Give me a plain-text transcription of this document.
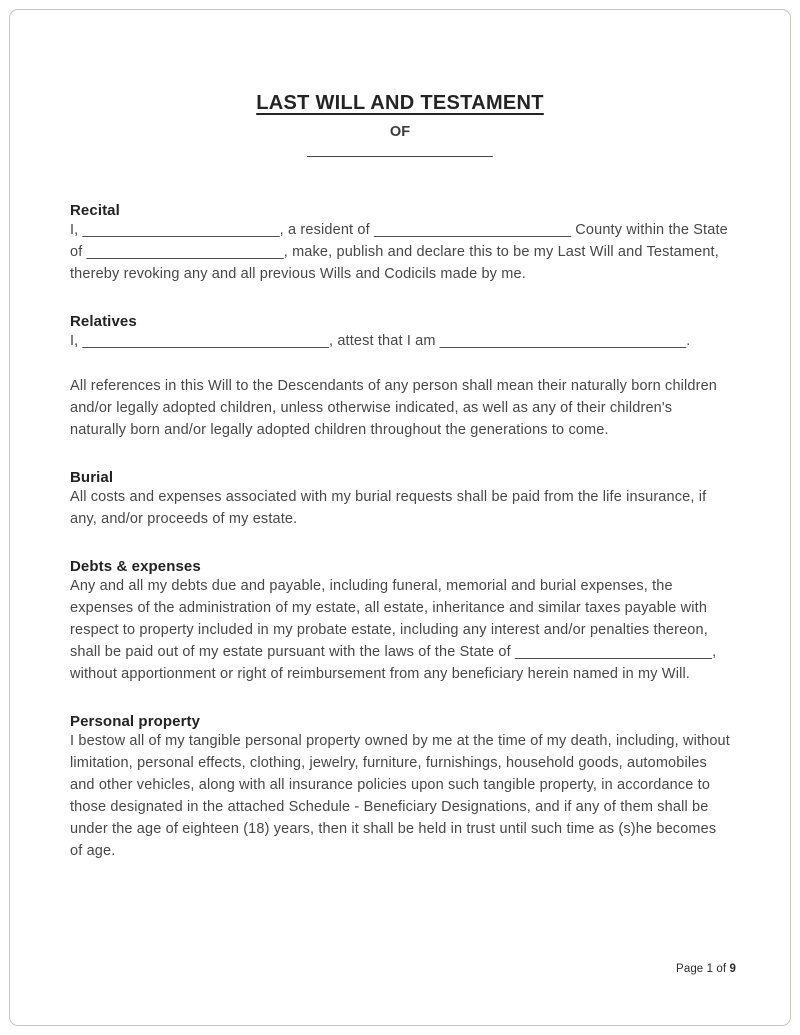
LAST WILL AND TESTAMENT
OF
_______________________
Recital

I, ________________________, a resident of ________________________ County within the State of ________________________, make, publish and declare this to be my Last Will and Testament, thereby revoking any and all previous Wills and Codicils made by me.

Relatives

I, ______________________________, attest that I am ______________________________.

All references in this Will to the Descendants of any person shall mean their naturally born children and/or legally adopted children, unless otherwise indicated, as well as any of their children's naturally born and/or legally adopted children throughout the generations to come.

Burial

All costs and expenses associated with my burial requests shall be paid from the life insurance, if any, and/or proceeds of my estate.

Debts & expenses

Any and all my debts due and payable, including funeral, memorial and burial expenses, the expenses of the administration of my estate, all estate, inheritance and similar taxes payable with respect to property included in my probate estate, including any interest and/or penalties thereon, shall be paid out of my estate pursuant with the laws of the State of ________________________, without apportionment or right of reimbursement from any beneficiary herein named in my Will.

Personal property

I bestow all of my tangible personal property owned by me at the time of my death, including, without limitation, personal effects, clothing, jewelry, furniture, furnishings, household goods, automobiles and other vehicles, along with all insurance policies upon such tangible property, in accordance to those designated in the attached Schedule - Beneficiary Designations, and if any of them shall be under the age of eighteen (18) years, then it shall be held in trust until such time as (s)he becomes of age.

Page 1 of 9
